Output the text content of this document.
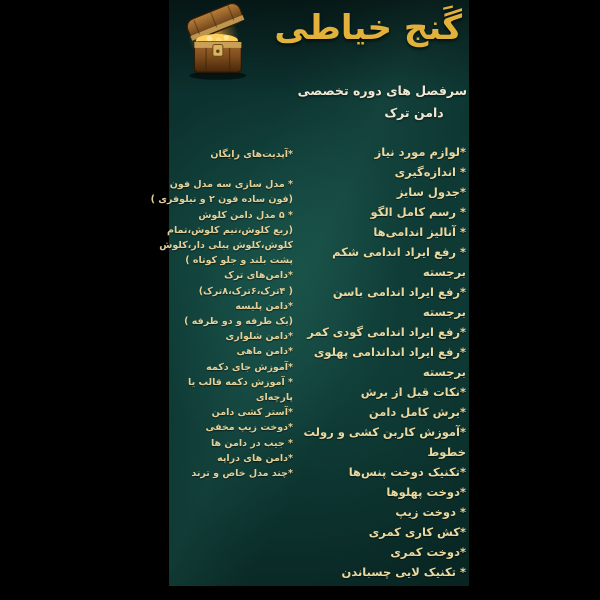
گَنج خیاطی
سرفصل های دوره تخصصی
دامن ترک
*آپدیت‌های رایگان
* مدل سازی سه مدل فون
(فون ساده فون ۲ و نیلوفری )
* ۵ مدل دامن کلوش
(ربع کلوش،نیم کلوش،تمام
کلوش،کلوش پیلی دار،کلوش
پشت بلند و جلو کوتاه )
*دامن‌های ترک
( ۴ترک،۶ترک،۸ترک)
*دامن پلیسه
(یک طرفه و دو طرفه )
*دامن شلواری
*دامن ماهی
*آموزش جای دکمه
* آموزش دکمه قالب یا
پارچه‌ای
*آستر کشی دامن
*دوخت زیپ مخفی
* جیب در دامن ها
*دامن های دراپه
*چند مدل خاص و ترند
*لوازم مورد نیاز
* اندازه‌گیری
*جدول سایز
* رسم کامل الگو
* آنالیز اندامی‌ها
* رفع ایراد اندامی شکم
برجسته
*رفع ایراد اندامی باسن
برجسته
*رفع ایراد اندامی گودی کمر
*رفع ایراد انداندامی پهلوی
برجسته
*نکات قبل از برش
*برش کامل دامن
*آموزش کاربن کشی و رولت
خطوط
*تکنیک دوخت پنس‌ها
*دوخت پهلوها
* دوخت زیپ
*کش کاری کمری
*دوخت کمری
* تکنیک لایی چسباندن
